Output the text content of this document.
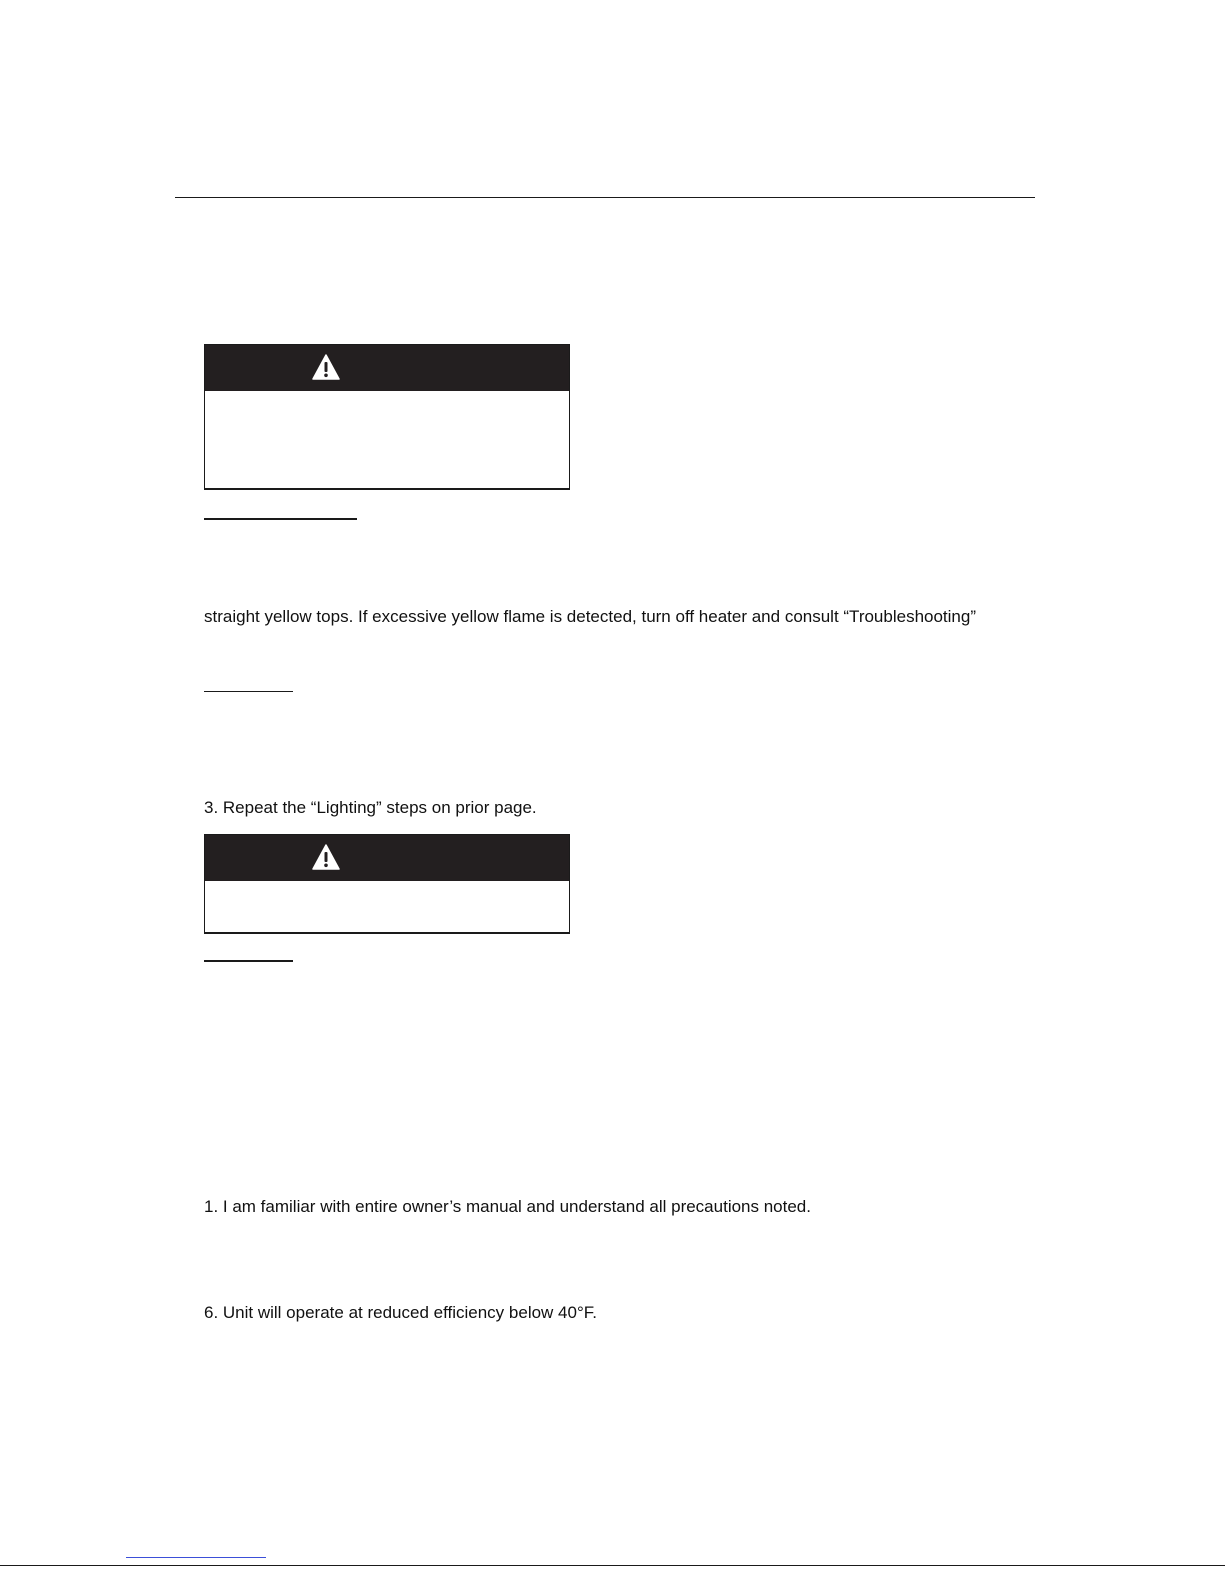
straight yellow tops. If excessive yellow flame is detected, turn off heater and consult “Troubleshooting”
3. Repeat the “Lighting” steps on prior page.
1. I am familiar with entire owner’s manual and understand all precautions noted.
6. Unit will operate at reduced efficiency below 40°F.
